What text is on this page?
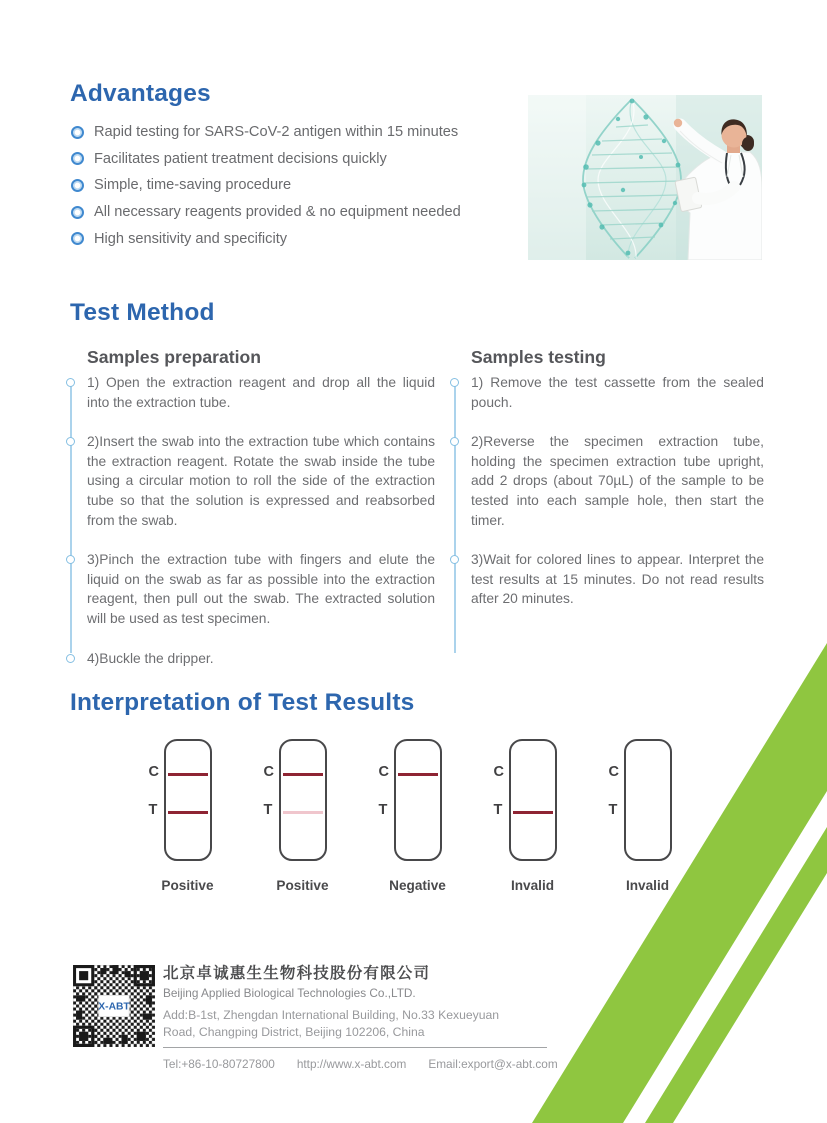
Advantages
Rapid testing for SARS-CoV-2 antigen within 15 minutes
Facilitates patient treatment decisions quickly
Simple, time-saving procedure
All necessary reagents provided & no equipment needed
High sensitivity and specificity
Test Method
Samples preparation
1) Open the extraction reagent and drop all the liquid into the extraction tube.
2)Insert the swab into the extraction tube which contains the extraction reagent. Rotate the swab inside the tube using a circular motion to roll the side of the extraction tube so that the solution is expressed and reabsorbed from the swab.
3)Pinch the extraction tube with fingers and elute the liquid on the swab as far as possible into the extraction reagent, then pull out the swab. The extracted solution will be used as test specimen.
4)Buckle the dripper.
Samples testing
1) Remove the test cassette from the sealed pouch.
2)Reverse the specimen extraction tube, holding the specimen extraction tube upright, add 2 drops (about 70µL) of the sample to be tested into each sample hole, then start the timer.
3)Wait for colored lines to appear. Interpret the test results at 15 minutes. Do not read results after 20 minutes.
Interpretation of Test Results
C
T
Positive
C
T
Positive
C
T
Negative
C
T
Invalid
C
T
Invalid
X-ABT
北京卓诚惠生生物科技股份有限公司
Beijing Applied Biological Technologies Co.,LTD.
Add:B-1st, Zhengdan International Building, No.33 Kexueyuan
Road, Changping District, Beijing 102206, China
Tel:+86-10-80727800 http://www.x-abt.com Email:export@x-abt.com
